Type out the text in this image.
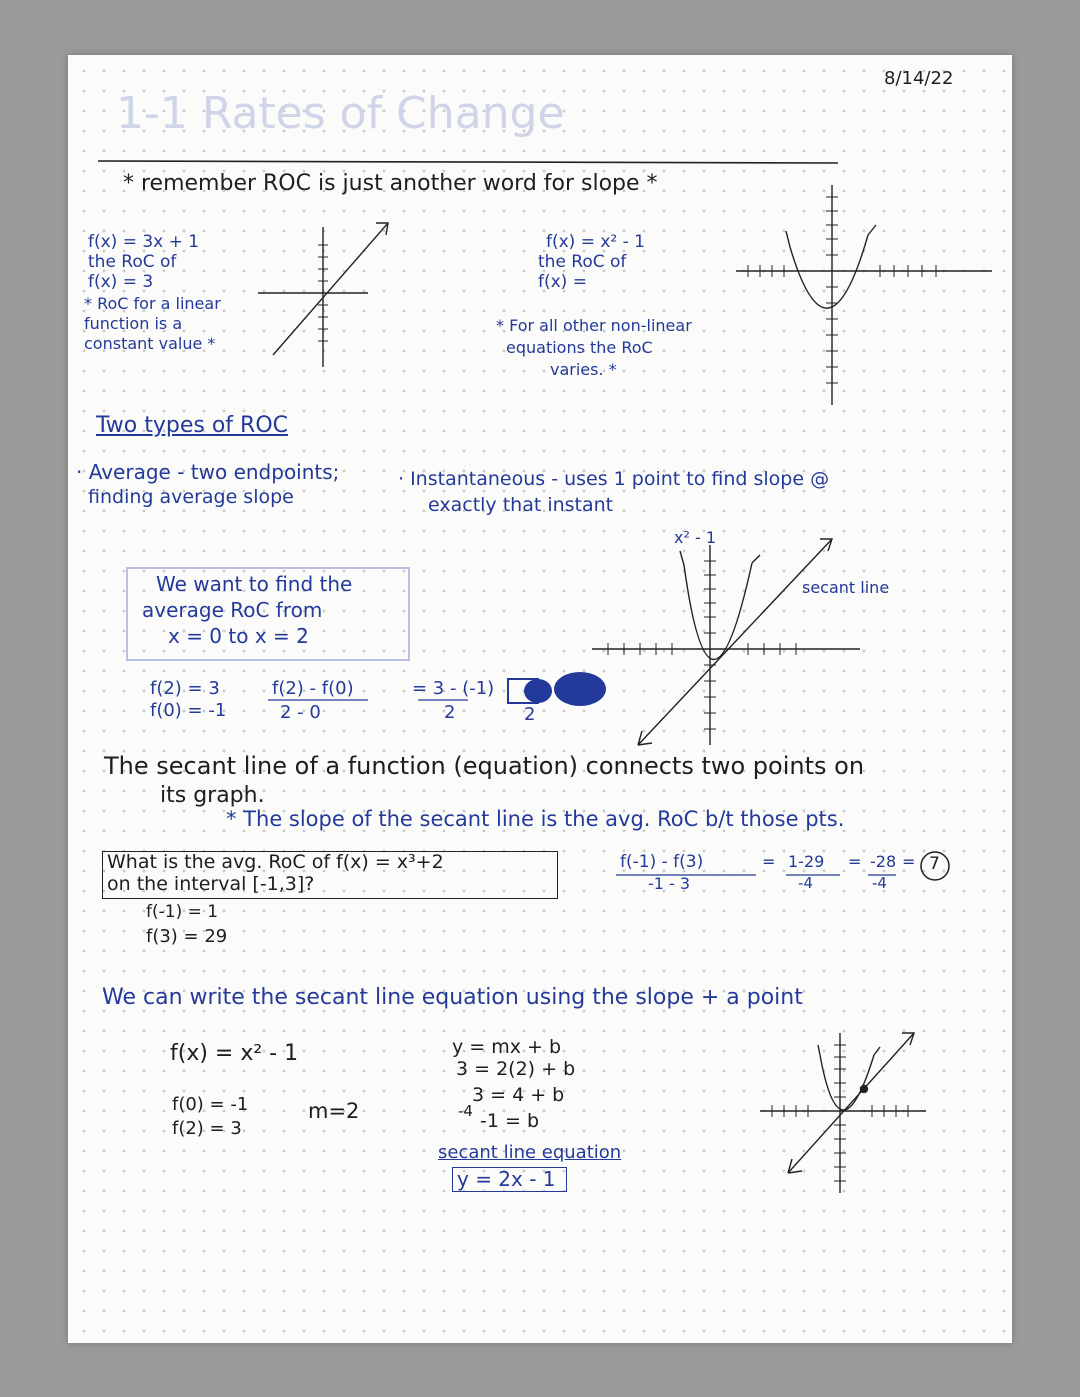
1-1 Rates of Change
8/14/22
* remember ROC is just another word for slope *
f(x) = 3x + 1
the RoC of
f(x) = 3
* RoC for a linear
function is a
constant value *
f(x) = x² - 1
the RoC of
f(x) =
* For all other non-linear
equations the RoC
varies. *
Two types of ROC
· Average - two endpoints;
finding average slope
· Instantaneous - uses 1 point to find slope @
exactly that instant
We want to find the
average RoC from
x = 0 to x = 2
f(2) = 3
f(0) = -1
f(2) - f(0)
2 - 0
= 3 - (-1)
2	2
x² - 1
secant line
The secant line of a function (equation) connects two points on
its graph.
* The slope of the secant line is the avg. RoC b/t those pts.
What is the avg. RoC of f(x) = x³+2
on the interval [-1,3]?
f(-1) = 1
f(3) = 29
f(-1) - f(3)
-1 - 3
= 1-29
-4
= -28
-4
= 7
We can write the secant line equation using the slope + a point
f(x) = x² - 1
f(0) = -1
f(2) = 3
m=2
y = mx + b
3 = 2(2) + b
3 = 4 + b
-4 -1 = b
secant line equation
y = 2x - 1
